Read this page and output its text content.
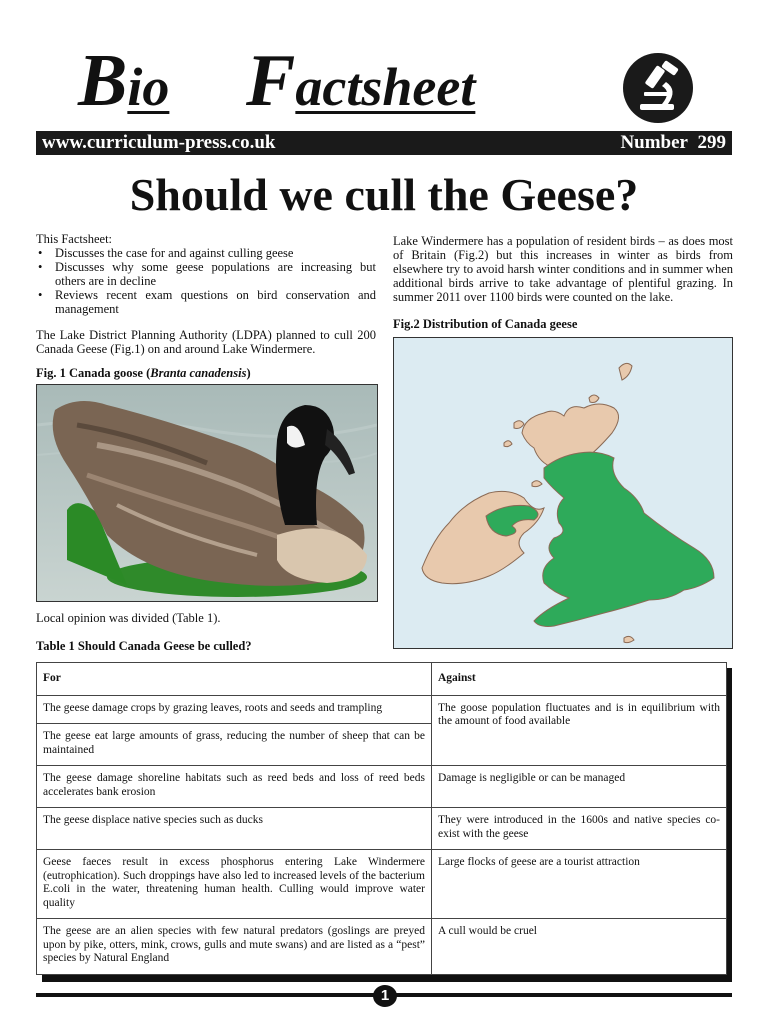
Bio Factsheet
www.curriculum-press.co.uk	Number 299
Should we cull the Geese?
This Factsheet:
• Discusses the case for and against culling geese
• Discusses why some geese populations are increasing but others are in decline
• Reviews recent exam questions on bird conservation and management
The Lake District Planning Authority (LDPA) planned to cull 200 Canada Geese (Fig.1) on and around Lake Windermere.
Fig. 1 Canada goose (Branta canadensis)
Local opinion was divided (Table 1).
Table 1 Should Canada Geese be culled?
Lake Windermere has a population of resident birds – as does most of Britain (Fig.2) but this increases in winter as birds from elsewhere try to avoid harsh winter conditions and in summer when additional birds arrive to take advantage of plentiful grazing. In summer 2011 over 1100 birds were counted on the lake.
Fig.2 Distribution of Canada geese
For	Against
The geese damage crops by grazing leaves, roots and seeds and trampling	The goose population fluctuates and is in equilibrium with the amount of food available
The geese eat large amounts of grass, reducing the number of sheep that can be maintained	
The geese damage shoreline habitats such as reed beds and loss of reed beds accelerates bank erosion	Damage is negligible or can be managed
The geese displace native species such as ducks	They were introduced in the 1600s and native species co-exist with the geese
Geese faeces result in excess phosphorus entering Lake Windermere (eutrophication). Such droppings have also led to increased levels of the bacterium E.coli in the water, threatening human health. Culling would improve water quality	Large flocks of geese are a tourist attraction
The geese are an alien species with few natural predators (goslings are preyed upon by pike, otters, mink, crows, gulls and mute swans) and are listed as a “pest” species by Natural England	A cull would be cruel
1
